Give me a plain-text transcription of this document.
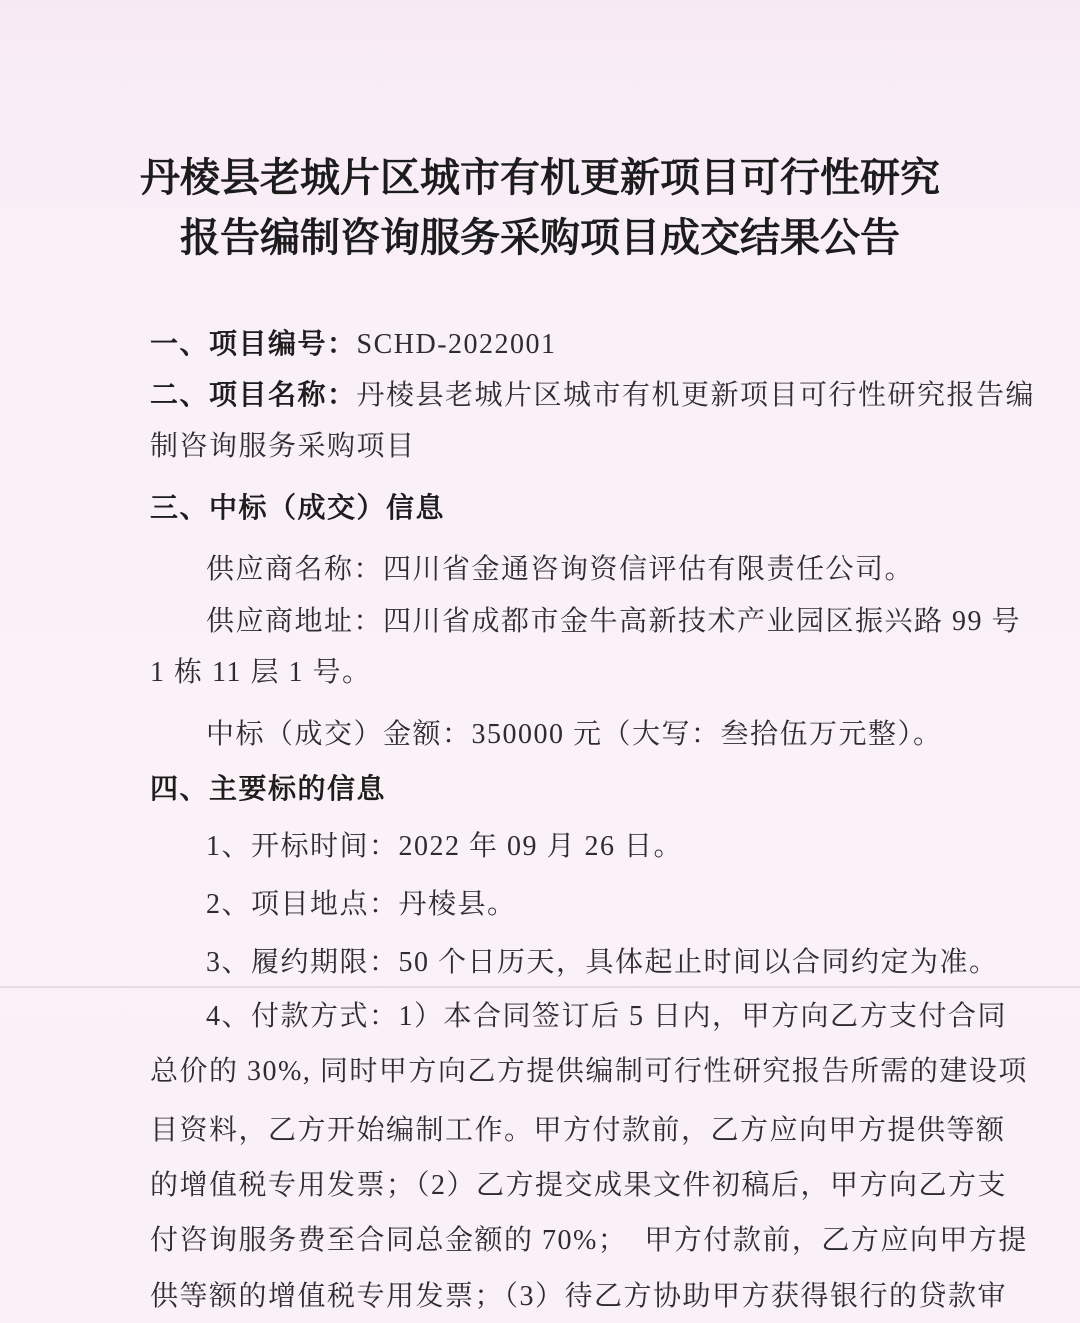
丹棱县老城片区城市有机更新项目可行性研究
报告编制咨询服务采购项目成交结果公告
一、项目编号：SCHD-2022001
二、项目名称：丹棱县老城片区城市有机更新项目可行性研究报告编
制咨询服务采购项目
三、中标（成交）信息
供应商名称：四川省金通咨询资信评估有限责任公司。
供应商地址：四川省成都市金牛高新技术产业园区振兴路 99 号
1 栋 11 层 1 号。
中标（成交）金额：350000 元（大写：叁拾伍万元整）。
四、主要标的信息
1、开标时间：2022 年 09 月 26 日。
2、项目地点：丹棱县。
3、履约期限：50 个日历天，具体起止时间以合同约定为准。
4、付款方式：1）本合同签订后 5 日内，甲方向乙方支付合同
总价的 30%, 同时甲方向乙方提供编制可行性研究报告所需的建设项
目资料，乙方开始编制工作。甲方付款前，乙方应向甲方提供等额
的增值税专用发票；（2）乙方提交成果文件初稿后，甲方向乙方支
付咨询服务费至合同总金额的 70%；  甲方付款前，乙方应向甲方提
供等额的增值税专用发票；（3）待乙方协助甲方获得银行的贷款审
